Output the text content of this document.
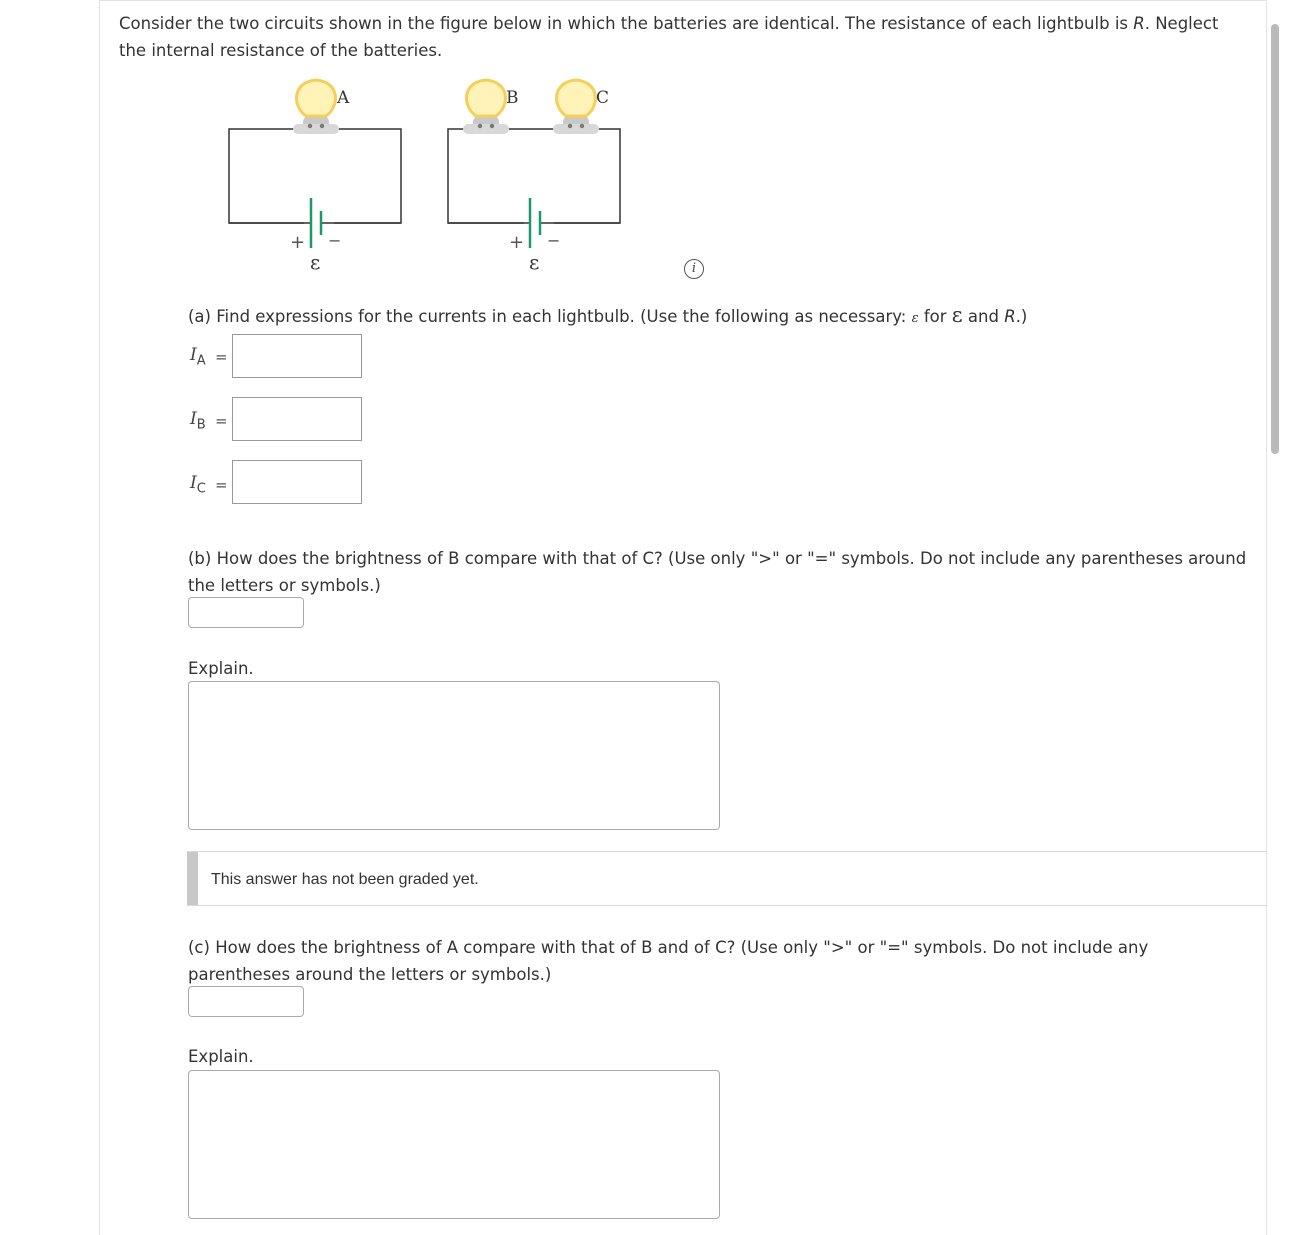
Consider the two circuits shown in the figure below in which the batteries are identical. The resistance of each lightbulb is R. Neglect the internal resistance of the batteries.
+ −
ε
A
+ −
ε
B	C
i
(a) Find expressions for the currents in each lightbulb. (Use the following as necessary: ε for ε and R.)
$I_A$ =
$I_B$ =
$I_C$ =
(b) How does the brightness of B compare with that of C? (Use only ">" or "=" symbols. Do not include any parentheses around the letters or symbols.)
Explain.
This answer has not been graded yet.
(c) How does the brightness of A compare with that of B and of C? (Use only ">" or "=" symbols. Do not include any parentheses around the letters or symbols.)
Explain.
